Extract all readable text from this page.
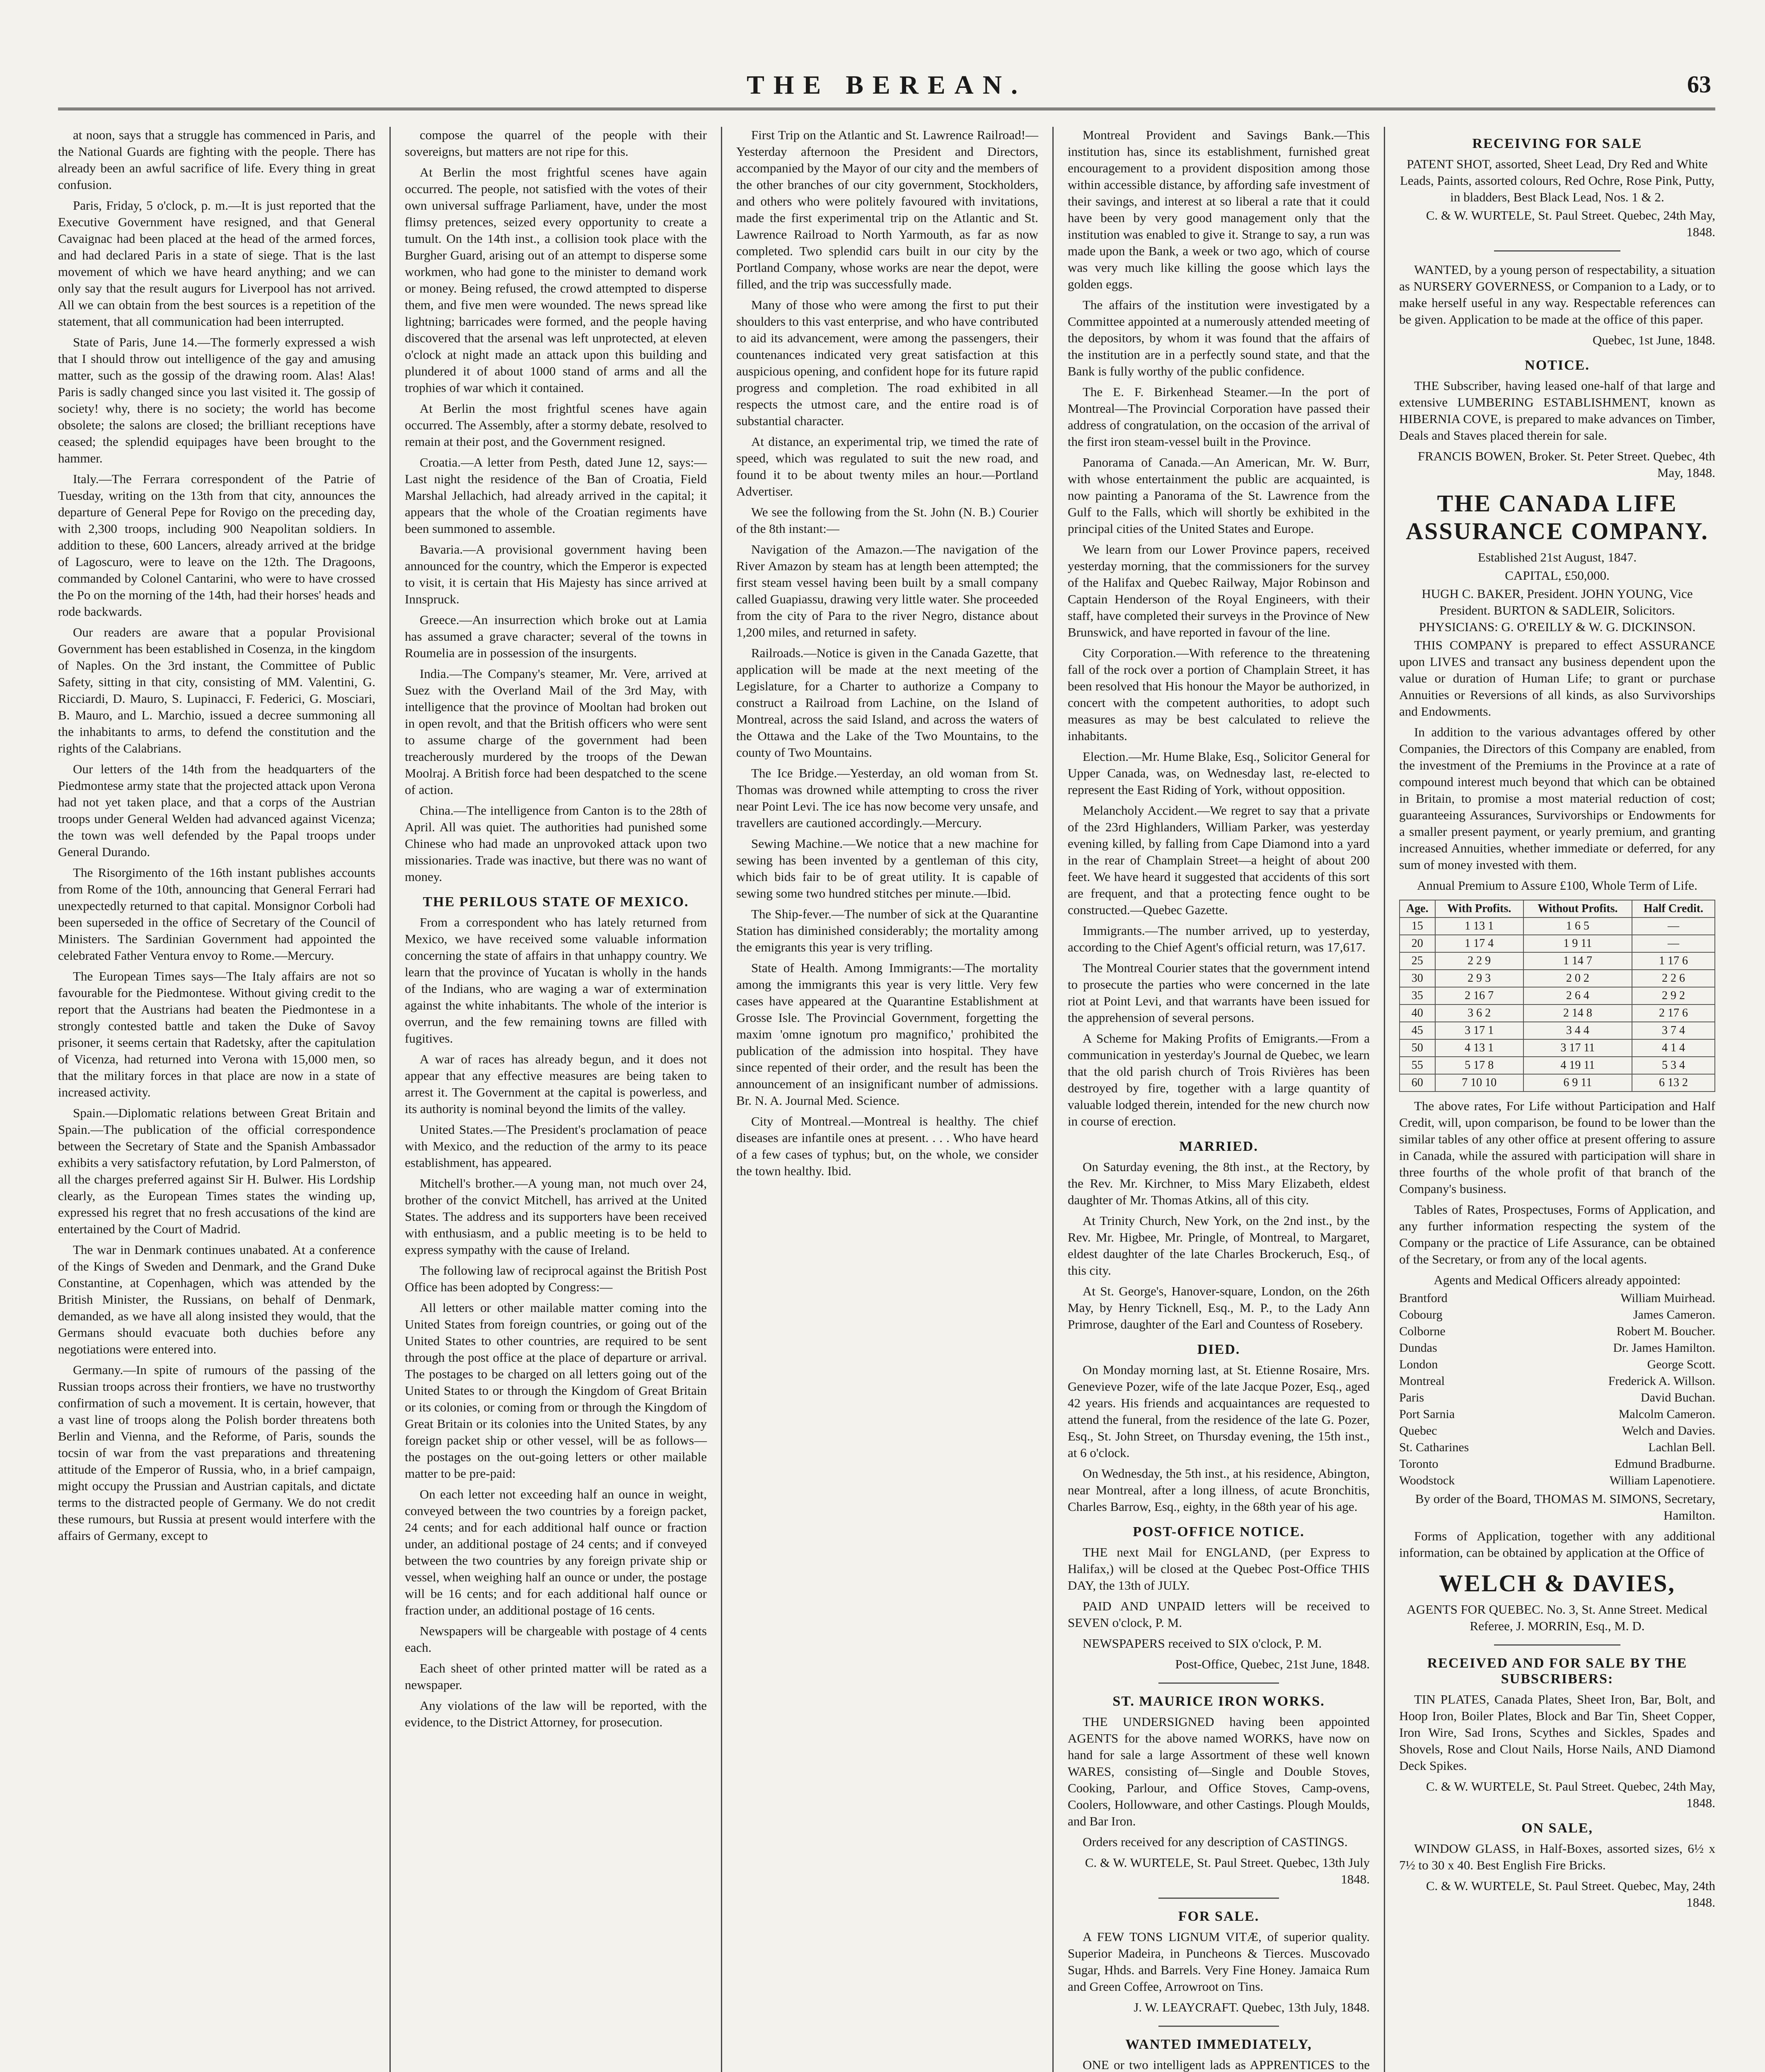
THE BEREAN.	63

at noon, says that a struggle has commenced in Paris, and the National Guards are fighting with the people. There has already been an awful sacrifice of life. Every thing in great confusion.

Paris, Friday, 5 o'clock, p. m.—It is just reported that the Executive Government have resigned, and that General Cavaignac had been placed at the head of the armed forces, and had declared Paris in a state of siege. That is the last movement of which we have heard anything; and we can only say that the result augurs for Liverpool has not arrived. All we can obtain from the best sources is a repetition of the statement, that all communication had been interrupted.

State of Paris, June 14.—The formerly expressed a wish that I should throw out intelligence of the gay and amusing matter, such as the gossip of the drawing room. Alas! Alas! Paris is sadly changed since you last visited it. The gossip of society! why, there is no society; the world has become obsolete; the salons are closed; the brilliant receptions have ceased; the splendid equipages have been brought to the hammer.

Italy.—The Ferrara correspondent of the Patrie of Tuesday, writing on the 13th from that city, announces the departure of General Pepe for Rovigo on the preceding day, with 2,300 troops, including 900 Neapolitan soldiers. In addition to these, 600 Lancers, already arrived at the bridge of Lagoscuro, were to leave on the 12th. The Dragoons, commanded by Colonel Cantarini, who were to have crossed the Po on the morning of the 14th, had their horses' heads and rode backwards.

Our readers are aware that a popular Provisional Government has been established in Cosenza, in the kingdom of Naples. On the 3rd instant, the Committee of Public Safety, sitting in that city, consisting of MM. Valentini, G. Ricciardi, D. Mauro, S. Lupinacci, F. Federici, G. Mosciari, B. Mauro, and L. Marchio, issued a decree summoning all the inhabitants to arms, to defend the constitution and the rights of the Calabrians.

Our letters of the 14th from the headquarters of the Piedmontese army state that the projected attack upon Verona had not yet taken place, and that a corps of the Austrian troops under General Welden had advanced against Vicenza; the town was well defended by the Papal troops under General Durando.

The Risorgimento of the 16th instant publishes accounts from Rome of the 10th, announcing that General Ferrari had unexpectedly returned to that capital. Monsignor Corboli had been superseded in the office of Secretary of the Council of Ministers. The Sardinian Government had appointed the celebrated Father Ventura envoy to Rome.—Mercury.

The European Times says—The Italy affairs are not so favourable for the Piedmontese. Without giving credit to the report that the Austrians had beaten the Piedmontese in a strongly contested battle and taken the Duke of Savoy prisoner, it seems certain that Radetsky, after the capitulation of Vicenza, had returned into Verona with 15,000 men, so that the military forces in that place are now in a state of increased activity.

Spain.—Diplomatic relations between Great Britain and Spain.—The publication of the official correspondence between the Secretary of State and the Spanish Ambassador exhibits a very satisfactory refutation, by Lord Palmerston, of all the charges preferred against Sir H. Bulwer. His Lordship clearly, as the European Times states the winding up, expressed his regret that no fresh accusations of the kind are entertained by the Court of Madrid.

The war in Denmark continues unabated. At a conference of the Kings of Sweden and Denmark, and the Grand Duke Constantine, at Copenhagen, which was attended by the British Minister, the Russians, on behalf of Denmark, demanded, as we have all along insisted they would, that the Germans should evacuate both duchies before any negotiations were entered into.

Germany.—In spite of rumours of the passing of the Russian troops across their frontiers, we have no trustworthy confirmation of such a movement. It is certain, however, that a vast line of troops along the Polish border threatens both Berlin and Vienna, and the Reforme, of Paris, sounds the tocsin of war from the vast preparations and threatening attitude of the Emperor of Russia, who, in a brief campaign, might occupy the Prussian and Austrian capitals, and dictate terms to the distracted people of Germany. We do not credit these rumours, but Russia at present would interfere with the affairs of Germany, except to

compose the quarrel of the people with their sovereigns, but matters are not ripe for this.

At Berlin the most frightful scenes have again occurred. The people, not satisfied with the votes of their own universal suffrage Parliament, have, under the most flimsy pretences, seized every opportunity to create a tumult. On the 14th inst., a collision took place with the Burgher Guard, arising out of an attempt to disperse some workmen, who had gone to the minister to demand work or money. Being refused, the crowd attempted to disperse them, and five men were wounded. The news spread like lightning; barricades were formed, and the people having discovered that the arsenal was left unprotected, at eleven o'clock at night made an attack upon this building and plundered it of about 1000 stand of arms and all the trophies of war which it contained.

At Berlin the most frightful scenes have again occurred. The Assembly, after a stormy debate, resolved to remain at their post, and the Government resigned.

Croatia.—A letter from Pesth, dated June 12, says:—Last night the residence of the Ban of Croatia, Field Marshal Jellachich, had already arrived in the capital; it appears that the whole of the Croatian regiments have been summoned to assemble.

Bavaria.—A provisional government having been announced for the country, which the Emperor is expected to visit, it is certain that His Majesty has since arrived at Innspruck.

Greece.—An insurrection which broke out at Lamia has assumed a grave character; several of the towns in Roumelia are in possession of the insurgents.

India.—The Company's steamer, Mr. Vere, arrived at Suez with the Overland Mail of the 3rd May, with intelligence that the province of Mooltan had broken out in open revolt, and that the British officers who were sent to assume charge of the government had been treacherously murdered by the troops of the Dewan Moolraj. A British force had been despatched to the scene of action.

China.—The intelligence from Canton is to the 28th of April. All was quiet. The authorities had punished some Chinese who had made an unprovoked attack upon two missionaries. Trade was inactive, but there was no want of money.

THE PERILOUS STATE OF MEXICO.

From a correspondent who has lately returned from Mexico, we have received some valuable information concerning the state of affairs in that unhappy country. We learn that the province of Yucatan is wholly in the hands of the Indians, who are waging a war of extermination against the white inhabitants. The whole of the interior is overrun, and the few remaining towns are filled with fugitives.

A war of races has already begun, and it does not appear that any effective measures are being taken to arrest it. The Government at the capital is powerless, and its authority is nominal beyond the limits of the valley.

United States.—The President's proclamation of peace with Mexico, and the reduction of the army to its peace establishment, has appeared.

Mitchell's brother.—A young man, not much over 24, brother of the convict Mitchell, has arrived at the United States. The address and its supporters have been received with enthusiasm, and a public meeting is to be held to express sympathy with the cause of Ireland.

The following law of reciprocal against the British Post Office has been adopted by Congress:—

All letters or other mailable matter coming into the United States from foreign countries, or going out of the United States to other countries, are required to be sent through the post office at the place of departure or arrival. The postages to be charged on all letters going out of the United States to or through the Kingdom of Great Britain or its colonies, or coming from or through the Kingdom of Great Britain or its colonies into the United States, by any foreign packet ship or other vessel, will be as follows—the postages on the out-going letters or other mailable matter to be pre-paid:

On each letter not exceeding half an ounce in weight, conveyed between the two countries by a foreign packet, 24 cents; and for each additional half ounce or fraction under, an additional postage of 24 cents; and if conveyed between the two countries by any foreign private ship or vessel, when weighing half an ounce or under, the postage will be 16 cents; and for each additional half ounce or fraction under, an additional postage of 16 cents.

Newspapers will be chargeable with postage of 4 cents each.

Each sheet of other printed matter will be rated as a newspaper.

Any violations of the law will be reported, with the evidence, to the District Attorney, for prosecution.

First Trip on the Atlantic and St. Lawrence Railroad!—Yesterday afternoon the President and Directors, accompanied by the Mayor of our city and the members of the other branches of our city government, Stockholders, and others who were politely favoured with invitations, made the first experimental trip on the Atlantic and St. Lawrence Railroad to North Yarmouth, as far as now completed. Two splendid cars built in our city by the Portland Company, whose works are near the depot, were filled, and the trip was successfully made.

Many of those who were among the first to put their shoulders to this vast enterprise, and who have contributed to aid its advancement, were among the passengers, their countenances indicated very great satisfaction at this auspicious opening, and confident hope for its future rapid progress and completion. The road exhibited in all respects the utmost care, and the entire road is of substantial character.

At distance, an experimental trip, we timed the rate of speed, which was regulated to suit the new road, and found it to be about twenty miles an hour.—Portland Advertiser.

We see the following from the St. John (N. B.) Courier of the 8th instant:—

Navigation of the Amazon.—The navigation of the River Amazon by steam has at length been attempted; the first steam vessel having been built by a small company called Guapiassu, drawing very little water. She proceeded from the city of Para to the river Negro, distance about 1,200 miles, and returned in safety.

Railroads.—Notice is given in the Canada Gazette, that application will be made at the next meeting of the Legislature, for a Charter to authorize a Company to construct a Railroad from Lachine, on the Island of Montreal, across the said Island, and across the waters of the Ottawa and the Lake of the Two Mountains, to the county of Two Mountains.

The Ice Bridge.—Yesterday, an old woman from St. Thomas was drowned while attempting to cross the river near Point Levi. The ice has now become very unsafe, and travellers are cautioned accordingly.—Mercury.

Sewing Machine.—We notice that a new machine for sewing has been invented by a gentleman of this city, which bids fair to be of great utility. It is capable of sewing some two hundred stitches per minute.—Ibid.

The Ship-fever.—The number of sick at the Quarantine Station has diminished considerably; the mortality among the emigrants this year is very trifling.

State of Health. Among Immigrants:—The mortality among the immigrants this year is very little. Very few cases have appeared at the Quarantine Establishment at Grosse Isle. The Provincial Government, forgetting the maxim 'omne ignotum pro magnifico,' prohibited the publication of the admission into hospital. They have since repented of their order, and the result has been the announcement of an insignificant number of admissions. Br. N. A. Journal Med. Science.

City of Montreal.—Montreal is healthy. The chief diseases are infantile ones at present. . . . Who have heard of a few cases of typhus; but, on the whole, we consider the town healthy. Ibid.

Montreal Provident and Savings Bank.—This institution has, since its establishment, furnished great encouragement to a provident disposition among those within accessible distance, by affording safe investment of their savings, and interest at so liberal a rate that it could have been by very good management only that the institution was enabled to give it. Strange to say, a run was made upon the Bank, a week or two ago, which of course was very much like killing the goose which lays the golden eggs.

The affairs of the institution were investigated by a Committee appointed at a numerously attended meeting of the depositors, by whom it was found that the affairs of the institution are in a perfectly sound state, and that the Bank is fully worthy of the public confidence.

The E. F. Birkenhead Steamer.—In the port of Montreal—The Provincial Corporation have passed their address of congratulation, on the occasion of the arrival of the first iron steam-vessel built in the Province.

Panorama of Canada.—An American, Mr. W. Burr, with whose entertainment the public are acquainted, is now painting a Panorama of the St. Lawrence from the Gulf to the Falls, which will shortly be exhibited in the principal cities of the United States and Europe.

We learn from our Lower Province papers, received yesterday morning, that the commissioners for the survey of the Halifax and Quebec Railway, Major Robinson and Captain Henderson of the Royal Engineers, with their staff, have completed their surveys in the Province of New Brunswick, and have reported in favour of the line.

City Corporation.—With reference to the threatening fall of the rock over a portion of Champlain Street, it has been resolved that His honour the Mayor be authorized, in concert with the competent authorities, to adopt such measures as may be best calculated to relieve the inhabitants.

Election.—Mr. Hume Blake, Esq., Solicitor General for Upper Canada, was, on Wednesday last, re-elected to represent the East Riding of York, without opposition.

Melancholy Accident.—We regret to say that a private of the 23rd Highlanders, William Parker, was yesterday evening killed, by falling from Cape Diamond into a yard in the rear of Champlain Street—a height of about 200 feet. We have heard it suggested that accidents of this sort are frequent, and that a protecting fence ought to be constructed.—Quebec Gazette.

Immigrants.—The number arrived, up to yesterday, according to the Chief Agent's official return, was 17,617.

The Montreal Courier states that the government intend to prosecute the parties who were concerned in the late riot at Point Levi, and that warrants have been issued for the apprehension of several persons.

A Scheme for Making Profits of Emigrants.—From a communication in yesterday's Journal de Quebec, we learn that the old parish church of Trois Rivières has been destroyed by fire, together with a large quantity of valuable lodged therein, intended for the new church now in course of erection.

MARRIED.

On Saturday evening, the 8th inst., at the Rectory, by the Rev. Mr. Kirchner, to Miss Mary Elizabeth, eldest daughter of Mr. Thomas Atkins, all of this city.

At Trinity Church, New York, on the 2nd inst., by the Rev. Mr. Higbee, Mr. Pringle, of Montreal, to Margaret, eldest daughter of the late Charles Brockeruch, Esq., of this city.

At St. George's, Hanover-square, London, on the 26th May, by Henry Ticknell, Esq., M. P., to the Lady Ann Primrose, daughter of the Earl and Countess of Rosebery.

DIED.

On Monday morning last, at St. Etienne Rosaire, Mrs. Genevieve Pozer, wife of the late Jacque Pozer, Esq., aged 42 years. His friends and acquaintances are requested to attend the funeral, from the residence of the late G. Pozer, Esq., St. John Street, on Thursday evening, the 15th inst., at 6 o'clock.

On Wednesday, the 5th inst., at his residence, Abington, near Montreal, after a long illness, of acute Bronchitis, Charles Barrow, Esq., eighty, in the 68th year of his age.

POST-OFFICE NOTICE.

THE next Mail for ENGLAND, (per Express to Halifax,) will be closed at the Quebec Post-Office THIS DAY, the 13th of JULY.

PAID AND UNPAID letters will be received to SEVEN o'clock, P. M.

NEWSPAPERS received to SIX o'clock, P. M.

Post-Office, Quebec, 21st June, 1848.

ST. MAURICE IRON WORKS.

THE UNDERSIGNED having been appointed AGENTS for the above named WORKS, have now on hand for sale a large Assortment of these well known WARES, consisting of—Single and Double Stoves, Cooking, Parlour, and Office Stoves, Camp-ovens, Coolers, Hollowware, and other Castings. Plough Moulds, and Bar Iron.

Orders received for any description of CASTINGS.

C. & W. WURTELE, St. Paul Street. Quebec, 13th July 1848.

FOR SALE.

A FEW TONS LIGNUM VITÆ, of superior quality. Superior Madeira, in Puncheons & Tierces. Muscovado Sugar, Hhds. and Barrels. Very Fine Honey. Jamaica Rum and Green Coffee, Arrowroot on Tins.

J. W. LEAYCRAFT. Quebec, 13th July, 1848.

WANTED IMMEDIATELY,

ONE or two intelligent lads as APPRENTICES to the

RECEIVING FOR SALE

PATENT SHOT, assorted, Sheet Lead, Dry Red and White Leads, Paints, assorted colours, Red Ochre, Rose Pink, Putty, in bladders, Best Black Lead, Nos. 1 & 2.

C. & W. WURTELE, St. Paul Street. Quebec, 24th May, 1848.

WANTED, by a young person of respectability, a situation as NURSERY GOVERNESS, or Companion to a Lady, or to make herself useful in any way. Respectable references can be given. Application to be made at the office of this paper.

Quebec, 1st June, 1848.

NOTICE.

THE Subscriber, having leased one-half of that large and extensive LUMBERING ESTABLISHMENT, known as HIBERNIA COVE, is prepared to make advances on Timber, Deals and Staves placed therein for sale.

FRANCIS BOWEN, Broker. St. Peter Street. Quebec, 4th May, 1848.

THE CANADA LIFE ASSURANCE COMPANY.

Established 21st August, 1847.

CAPITAL, £50,000.

HUGH C. BAKER, President. JOHN YOUNG, Vice President. BURTON & SADLEIR, Solicitors. PHYSICIANS: G. O'REILLY & W. G. DICKINSON.

THIS COMPANY is prepared to effect ASSURANCE upon LIVES and transact any business dependent upon the value or duration of Human Life; to grant or purchase Annuities or Reversions of all kinds, as also Survivorships and Endowments.

In addition to the various advantages offered by other Companies, the Directors of this Company are enabled, from the investment of the Premiums in the Province at a rate of compound interest much beyond that which can be obtained in Britain, to promise a most material reduction of cost; guaranteeing Assurances, Survivorships or Endowments for a smaller present payment, or yearly premium, and granting increased Annuities, whether immediate or deferred, for any sum of money invested with them.

Annual Premium to Assure £100, Whole Term of Life.

Age.	With Profits.	Without Profits.	Half Credit.
15	1 13 1	1 6 5	—
20	1 17 4	1 9 11	—
25	2 2 9	1 14 7	1 17 6
30	2 9 3	2 0 2	2 2 6
35	2 16 7	2 6 4	2 9 2
40	3 6 2	2 14 8	2 17 6
45	3 17 1	3 4 4	3 7 4
50	4 13 1	3 17 11	4 1 4
55	5 17 8	4 19 11	5 3 4
60	7 10 10	6 9 11	6 13 2

The above rates, For Life without Participation and Half Credit, will, upon comparison, be found to be lower than the similar tables of any other office at present offering to assure in Canada, while the assured with participation will share in three fourths of the whole profit of that branch of the Company's business.

Tables of Rates, Prospectuses, Forms of Application, and any further information respecting the system of the Company or the practice of Life Assurance, can be obtained of the Secretary, or from any of the local agents.

Agents and Medical Officers already appointed:

Brantford	William Muirhead.
Cobourg	James Cameron.
Colborne	Robert M. Boucher.
Dundas	Dr. James Hamilton.
London	George Scott.
Montreal	Frederick A. Willson.
Paris	David Buchan.
Port Sarnia	Malcolm Cameron.
Quebec	Welch and Davies.
St. Catharines	Lachlan Bell.
Toronto	Edmund Bradburne.
Woodstock	William Lapenotiere.

By order of the Board, THOMAS M. SIMONS, Secretary, Hamilton.

Forms of Application, together with any additional information, can be obtained by application at the Office of

WELCH & DAVIES,

AGENTS FOR QUEBEC. No. 3, St. Anne Street. Medical Referee, J. MORRIN, Esq., M. D.

RECEIVED AND FOR SALE BY THE SUBSCRIBERS:

TIN PLATES, Canada Plates, Sheet Iron, Bar, Bolt, and Hoop Iron, Boiler Plates, Block and Bar Tin, Sheet Copper, Iron Wire, Sad Irons, Scythes and Sickles, Spades and Shovels, Rose and Clout Nails, Horse Nails, AND Diamond Deck Spikes.

C. & W. WURTELE, St. Paul Street. Quebec, 24th May, 1848.

ON SALE,

WINDOW GLASS, in Half-Boxes, assorted sizes, 6½ x 7½ to 30 x 40. Best English Fire Bricks.

C. & W. WURTELE, St. Paul Street. Quebec, May, 24th 1848.
